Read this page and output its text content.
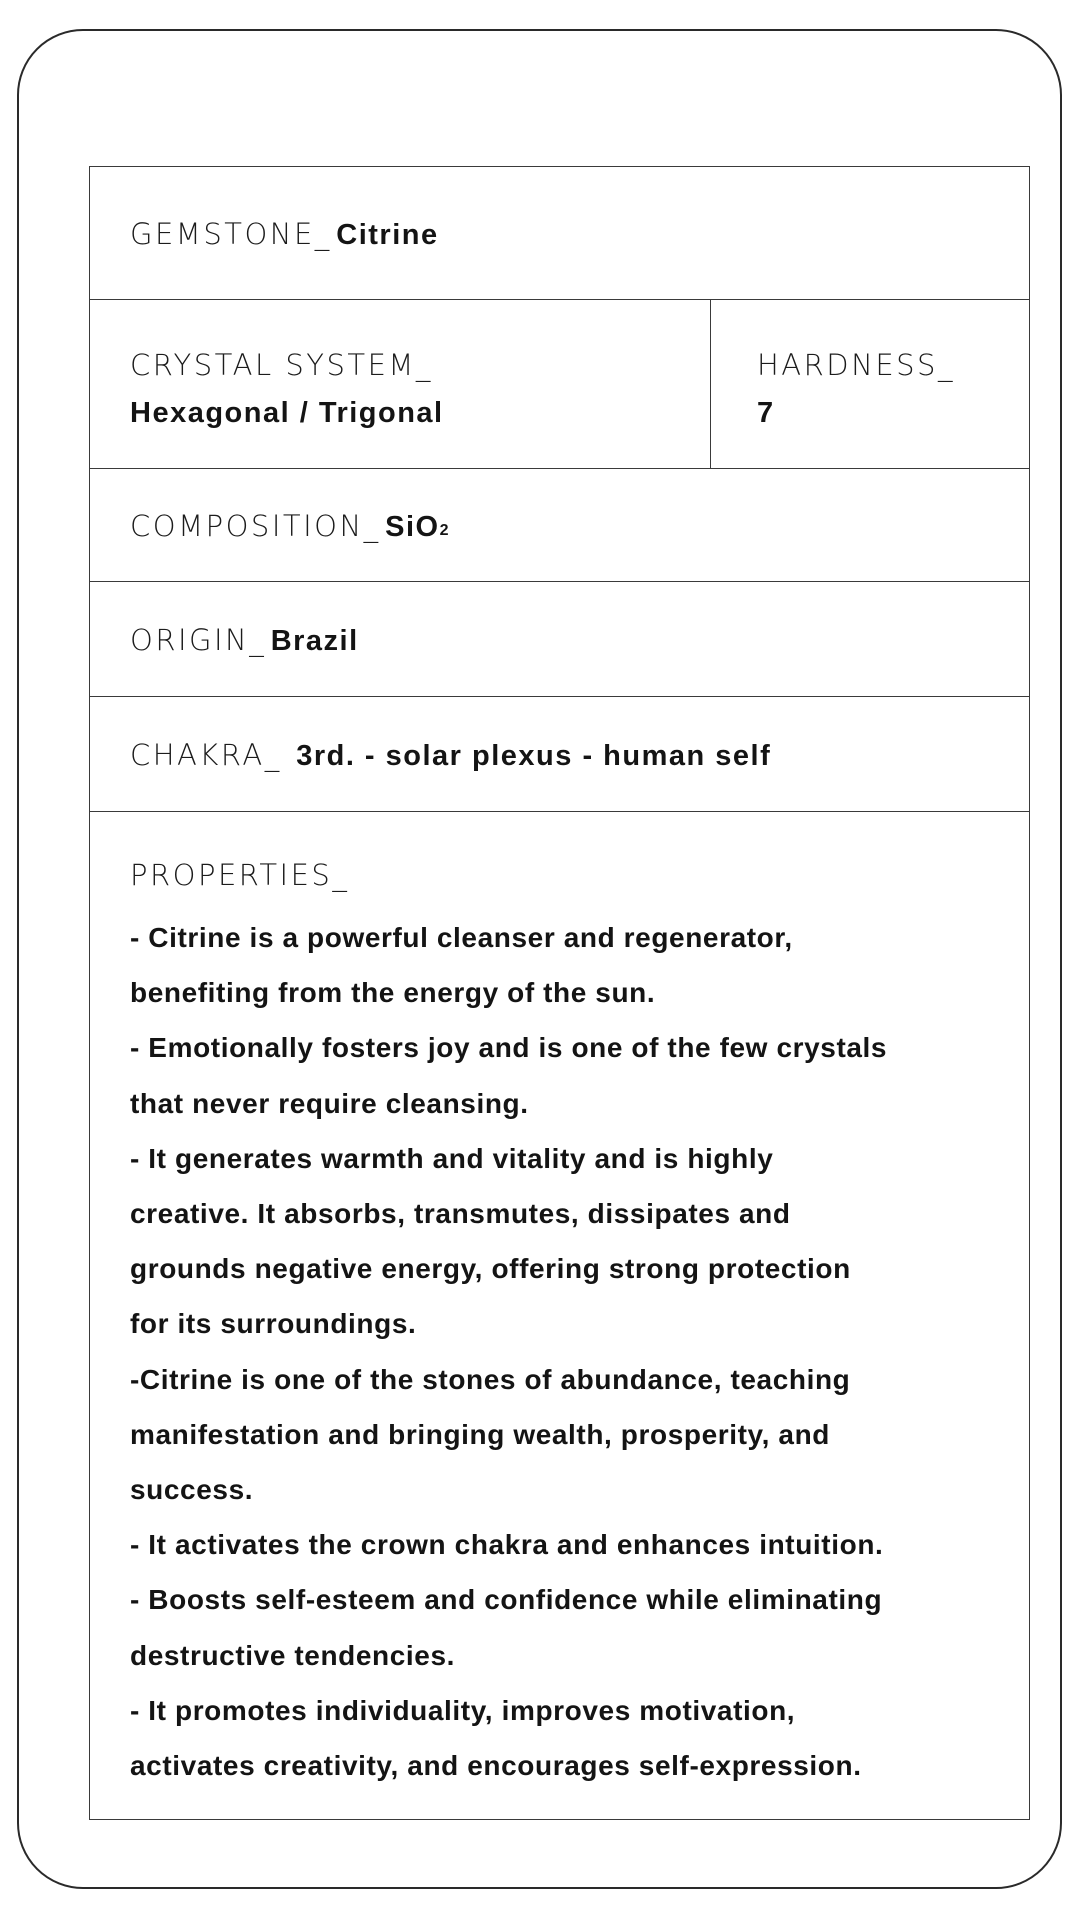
GEMSTONE_ Citrine
CRYSTAL SYSTEM_
Hexagonal / Trigonal
HARDNESS_
7
COMPOSITION_ SiO$_2$
ORIGIN_ Brazil
CHAKRA_ 3rd. - solar plexus - human self
PROPERTIES_
- Citrine is a powerful cleanser and regenerator,
benefiting from the energy of the sun.
- Emotionally fosters joy and is one of the few crystals
that never require cleansing.
- It generates warmth and vitality and is highly
creative. It absorbs, transmutes, dissipates and
grounds negative energy, offering strong protection
for its surroundings.
-Citrine is one of the stones of abundance, teaching
manifestation and bringing wealth, prosperity, and
success.
- It activates the crown chakra and enhances intuition.
- Boosts self-esteem and confidence while eliminating
destructive tendencies.
- It promotes individuality, improves motivation,
activates creativity, and encourages self-expression.
